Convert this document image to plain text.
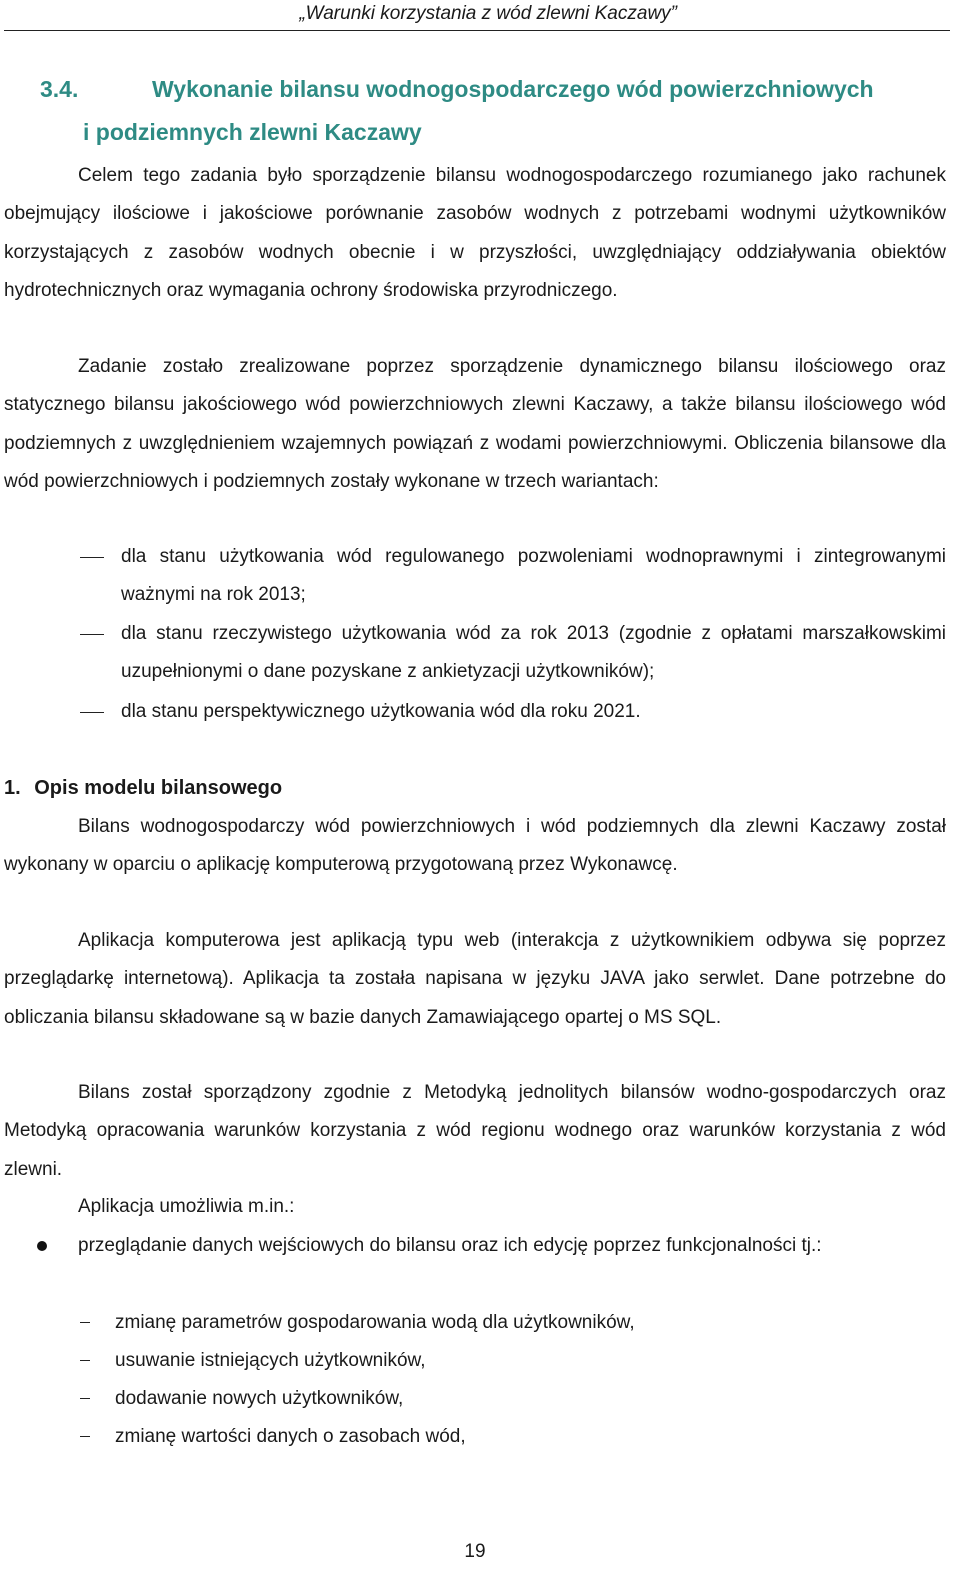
„Warunki korzystania z wód zlewni Kaczawy”
3.4.	Wykonanie bilansu wodnogospodarczego wód powierzchniowych
i podziemnych zlewni Kaczawy

Celem tego zadania było sporządzenie bilansu wodnogospodarczego rozumianego jako rachunek obejmujący ilościowe i jakościowe porównanie zasobów wodnych z potrzebami wodnymi użytkowników korzystających z zasobów wodnych obecnie i w przyszłości, uwzględniający oddziaływania obiektów hydrotechnicznych oraz wymagania ochrony środowiska przyrodniczego.

Zadanie zostało zrealizowane poprzez sporządzenie dynamicznego bilansu ilościowego oraz statycznego bilansu jakościowego wód powierzchniowych zlewni Kaczawy, a także bilansu ilościowego wód podziemnych z uwzględnieniem wzajemnych powiązań z wodami powierzchniowymi. Obliczenia bilansowe dla wód powierzchniowych i podziemnych zostały wykonane w trzech wariantach:

dla stanu użytkowania wód regulowanego pozwoleniami wodnoprawnymi i zintegrowanymi ważnymi na rok 2013;

dla stanu rzeczywistego użytkowania wód za rok 2013 (zgodnie z opłatami marszałkowskimi uzupełnionymi o dane pozyskane z ankietyzacji użytkowników);

dla stanu perspektywicznego użytkowania wód dla roku 2021.

1. Opis modelu bilansowego

Bilans wodnogospodarczy wód powierzchniowych i wód podziemnych dla zlewni Kaczawy został wykonany w oparciu o aplikację komputerową przygotowaną przez Wykonawcę.

Aplikacja komputerowa jest aplikacją typu web (interakcja z użytkownikiem odbywa się poprzez przeglądarkę internetową). Aplikacja ta została napisana w języku JAVA jako serwlet. Dane potrzebne do obliczania bilansu składowane są w bazie danych Zamawiającego opartej o MS SQL.

Bilans został sporządzony zgodnie z Metodyką jednolitych bilansów wodno-gospodarczych oraz Metodyką opracowania warunków korzystania z wód regionu wodnego oraz warunków korzystania z wód zlewni.

Aplikacja umożliwia m.in.:

przeglądanie danych wejściowych do bilansu oraz ich edycję poprzez funkcjonalności tj.:

zmianę parametrów gospodarowania wodą dla użytkowników,
usuwanie istniejących użytkowników,
dodawanie nowych użytkowników,
zmianę wartości danych o zasobach wód,
19
